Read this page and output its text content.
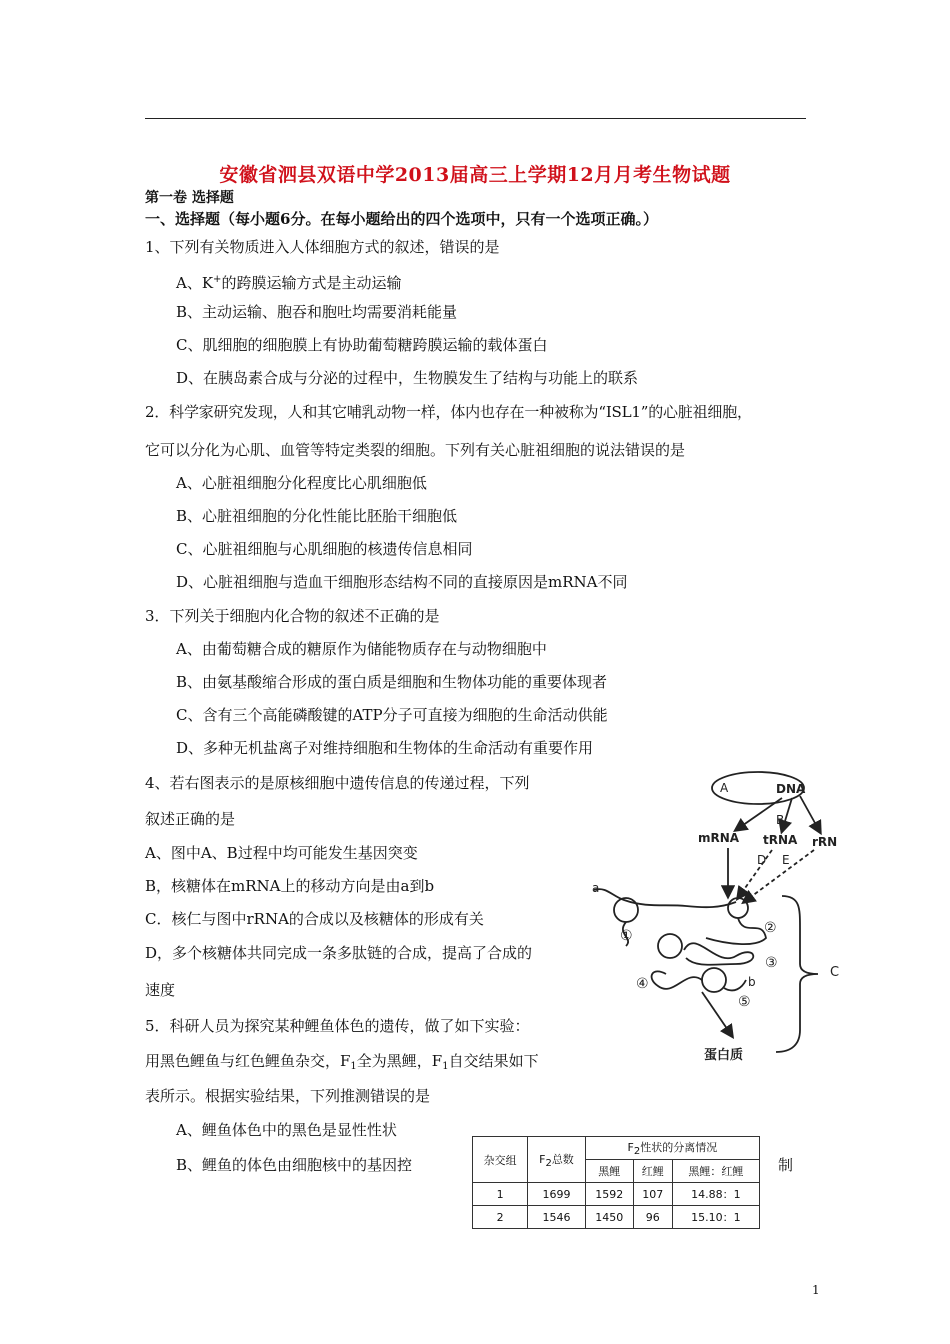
安徽省泗县双语中学2013届高三上学期12月月考生物试题
第一卷 选择题
一、选择题（每小题6分。在每小题给出的四个选项中，只有一个选项正确。）
1、下列有关物质进入人体细胞方式的叙述，错误的是
A、K+的跨膜运输方式是主动运输
B、主动运输、胞吞和胞吐均需要消耗能量
C、肌细胞的细胞膜上有协助葡萄糖跨膜运输的载体蛋白
D、在胰岛素合成与分泌的过程中，生物膜发生了结构与功能上的联系
2．科学家研究发现，人和其它哺乳动物一样，体内也存在一种被称为“ISL1”的心脏祖细胞，
它可以分化为心肌、血管等特定类裂的细胞。下列有关心脏祖细胞的说法错误的是
A、心脏祖细胞分化程度比心肌细胞低
B、心脏祖细胞的分化性能比胚胎干细胞低
C、心脏祖细胞与心肌细胞的核遗传信息相同
D、心脏祖细胞与造血干细胞形态结构不同的直接原因是mRNA不同
3．下列关于细胞内化合物的叙述不正确的是
A、由葡萄糖合成的糖原作为储能物质存在与动物细胞中
B、由氨基酸缩合形成的蛋白质是细胞和生物体功能的重要体现者
C、含有三个高能磷酸键的ATP分子可直接为细胞的生命活动供能
D、多种无机盐离子对维持细胞和生物体的生命活动有重要作用
4、若右图表示的是原核细胞中遗传信息的传递过程，下列
叙述正确的是
A、图中A、B过程中均可能发生基因突变
B，核糖体在mRNA上的移动方向是由a到b
C．核仁与图中rRNA的合成以及核糖体的形成有关
D，多个核糖体共同完成一条多肽链的合成，提高了合成的
速度
DNA
A
B
mRNA tRNA rRN
D E
C
a
b
①	②
③
④
⑤
蛋白质
5．科研人员为探究某种鲤鱼体色的遗传，做了如下实验：
用黑色鲤鱼与红色鲤鱼杂交，$F_1$全为黑鲤，$F_1$自交结果如下
表所示。根据实验结果，下列推测错误的是
A、鲤鱼体色中的黑色是显性性状
B、鲤鱼的体色由细胞核中的基因控	制
杂交组	F2总数	F2性状的分离情况		
		黑鲤	红鲤	黑鲤：红鲤
1	1699	1592	107	14.88：1
2	1546	1450	96	15.10：1
1
